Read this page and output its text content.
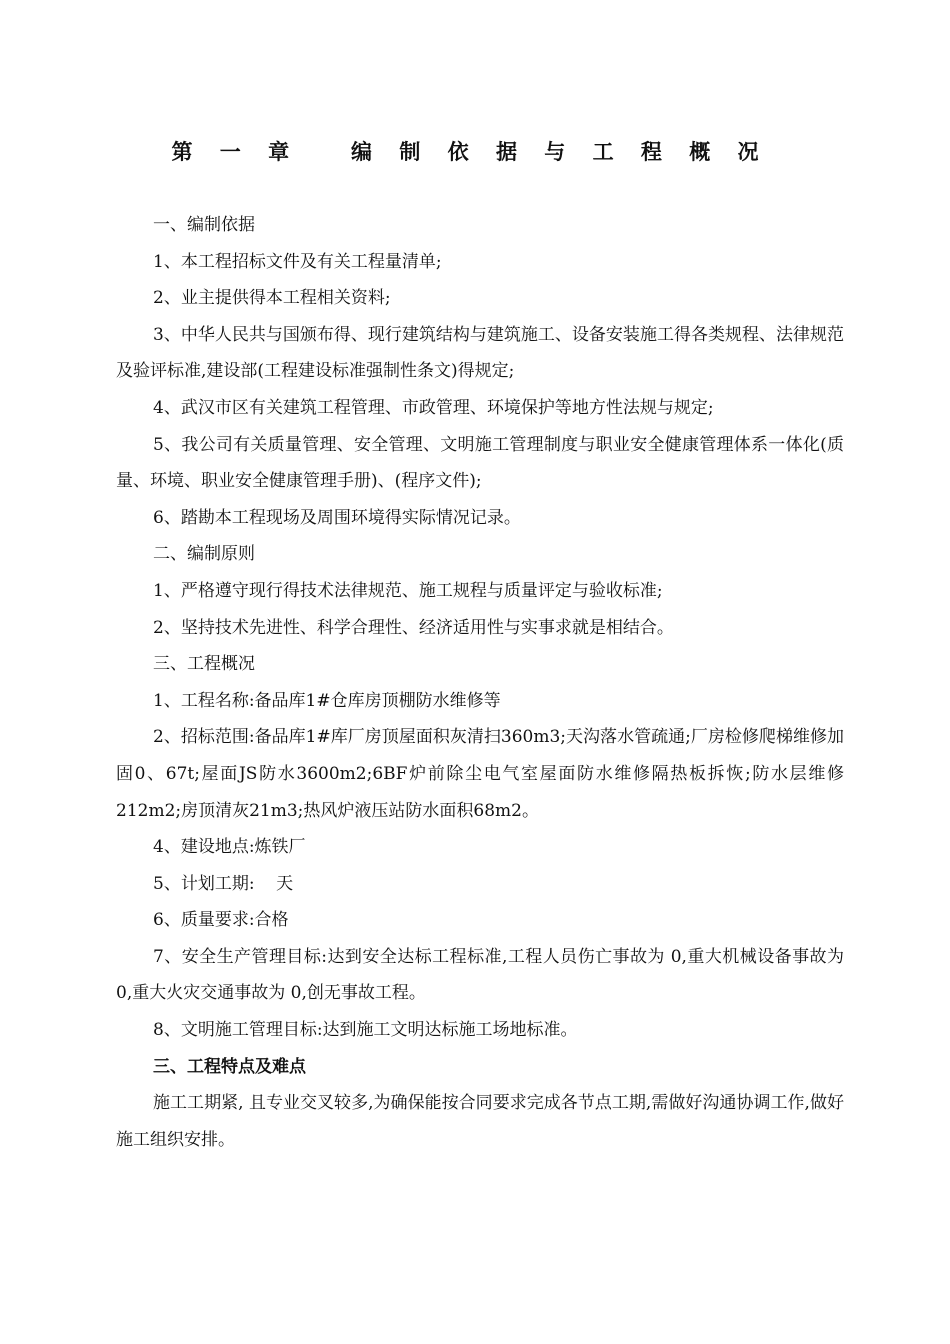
第 一 章   编 制 依 据 与 工 程 概 况

一、编制依据

1、本工程招标文件及有关工程量清单;

2、业主提供得本工程相关资料;

3、中华人民共与国颁布得、现行建筑结构与建筑施工、设备安装施工得各类规程、法律规范及验评标准,建设部(工程建设标准强制性条文)得规定;

4、武汉市区有关建筑工程管理、市政管理、环境保护等地方性法规与规定;

5、我公司有关质量管理、安全管理、文明施工管理制度与职业安全健康管理体系一体化(质量、环境、职业安全健康管理手册)、(程序文件);

6、踏勘本工程现场及周围环境得实际情况记录。

二、编制原则

1、严格遵守现行得技术法律规范、施工规程与质量评定与验收标准;

2、坚持技术先进性、科学合理性、经济适用性与实事求就是相结合。

三、工程概况

1、工程名称:备品库1#仓库房顶棚防水维修等

2、招标范围:备品库1#库厂房顶屋面积灰清扫360m3;天沟落水管疏通;厂房检修爬梯维修加固0、67t;屋面JS防水3600m2;6BF炉前除尘电气室屋面防水维修隔热板拆恢;防水层维修212m2;房顶清灰21m3;热风炉液压站防水面积68m2。

4、建设地点:炼铁厂

5、计划工期:    天

6、质量要求:合格

7、安全生产管理目标:达到安全达标工程标准,工程人员伤亡事故为 0,重大机械设备事故为 0,重大火灾交通事故为 0,创无事故工程。

8、文明施工管理目标:达到施工文明达标施工场地标准。

三、工程特点及难点

施工工期紧, 且专业交叉较多,为确保能按合同要求完成各节点工期,需做好沟通协调工作,做好施工组织安排。
